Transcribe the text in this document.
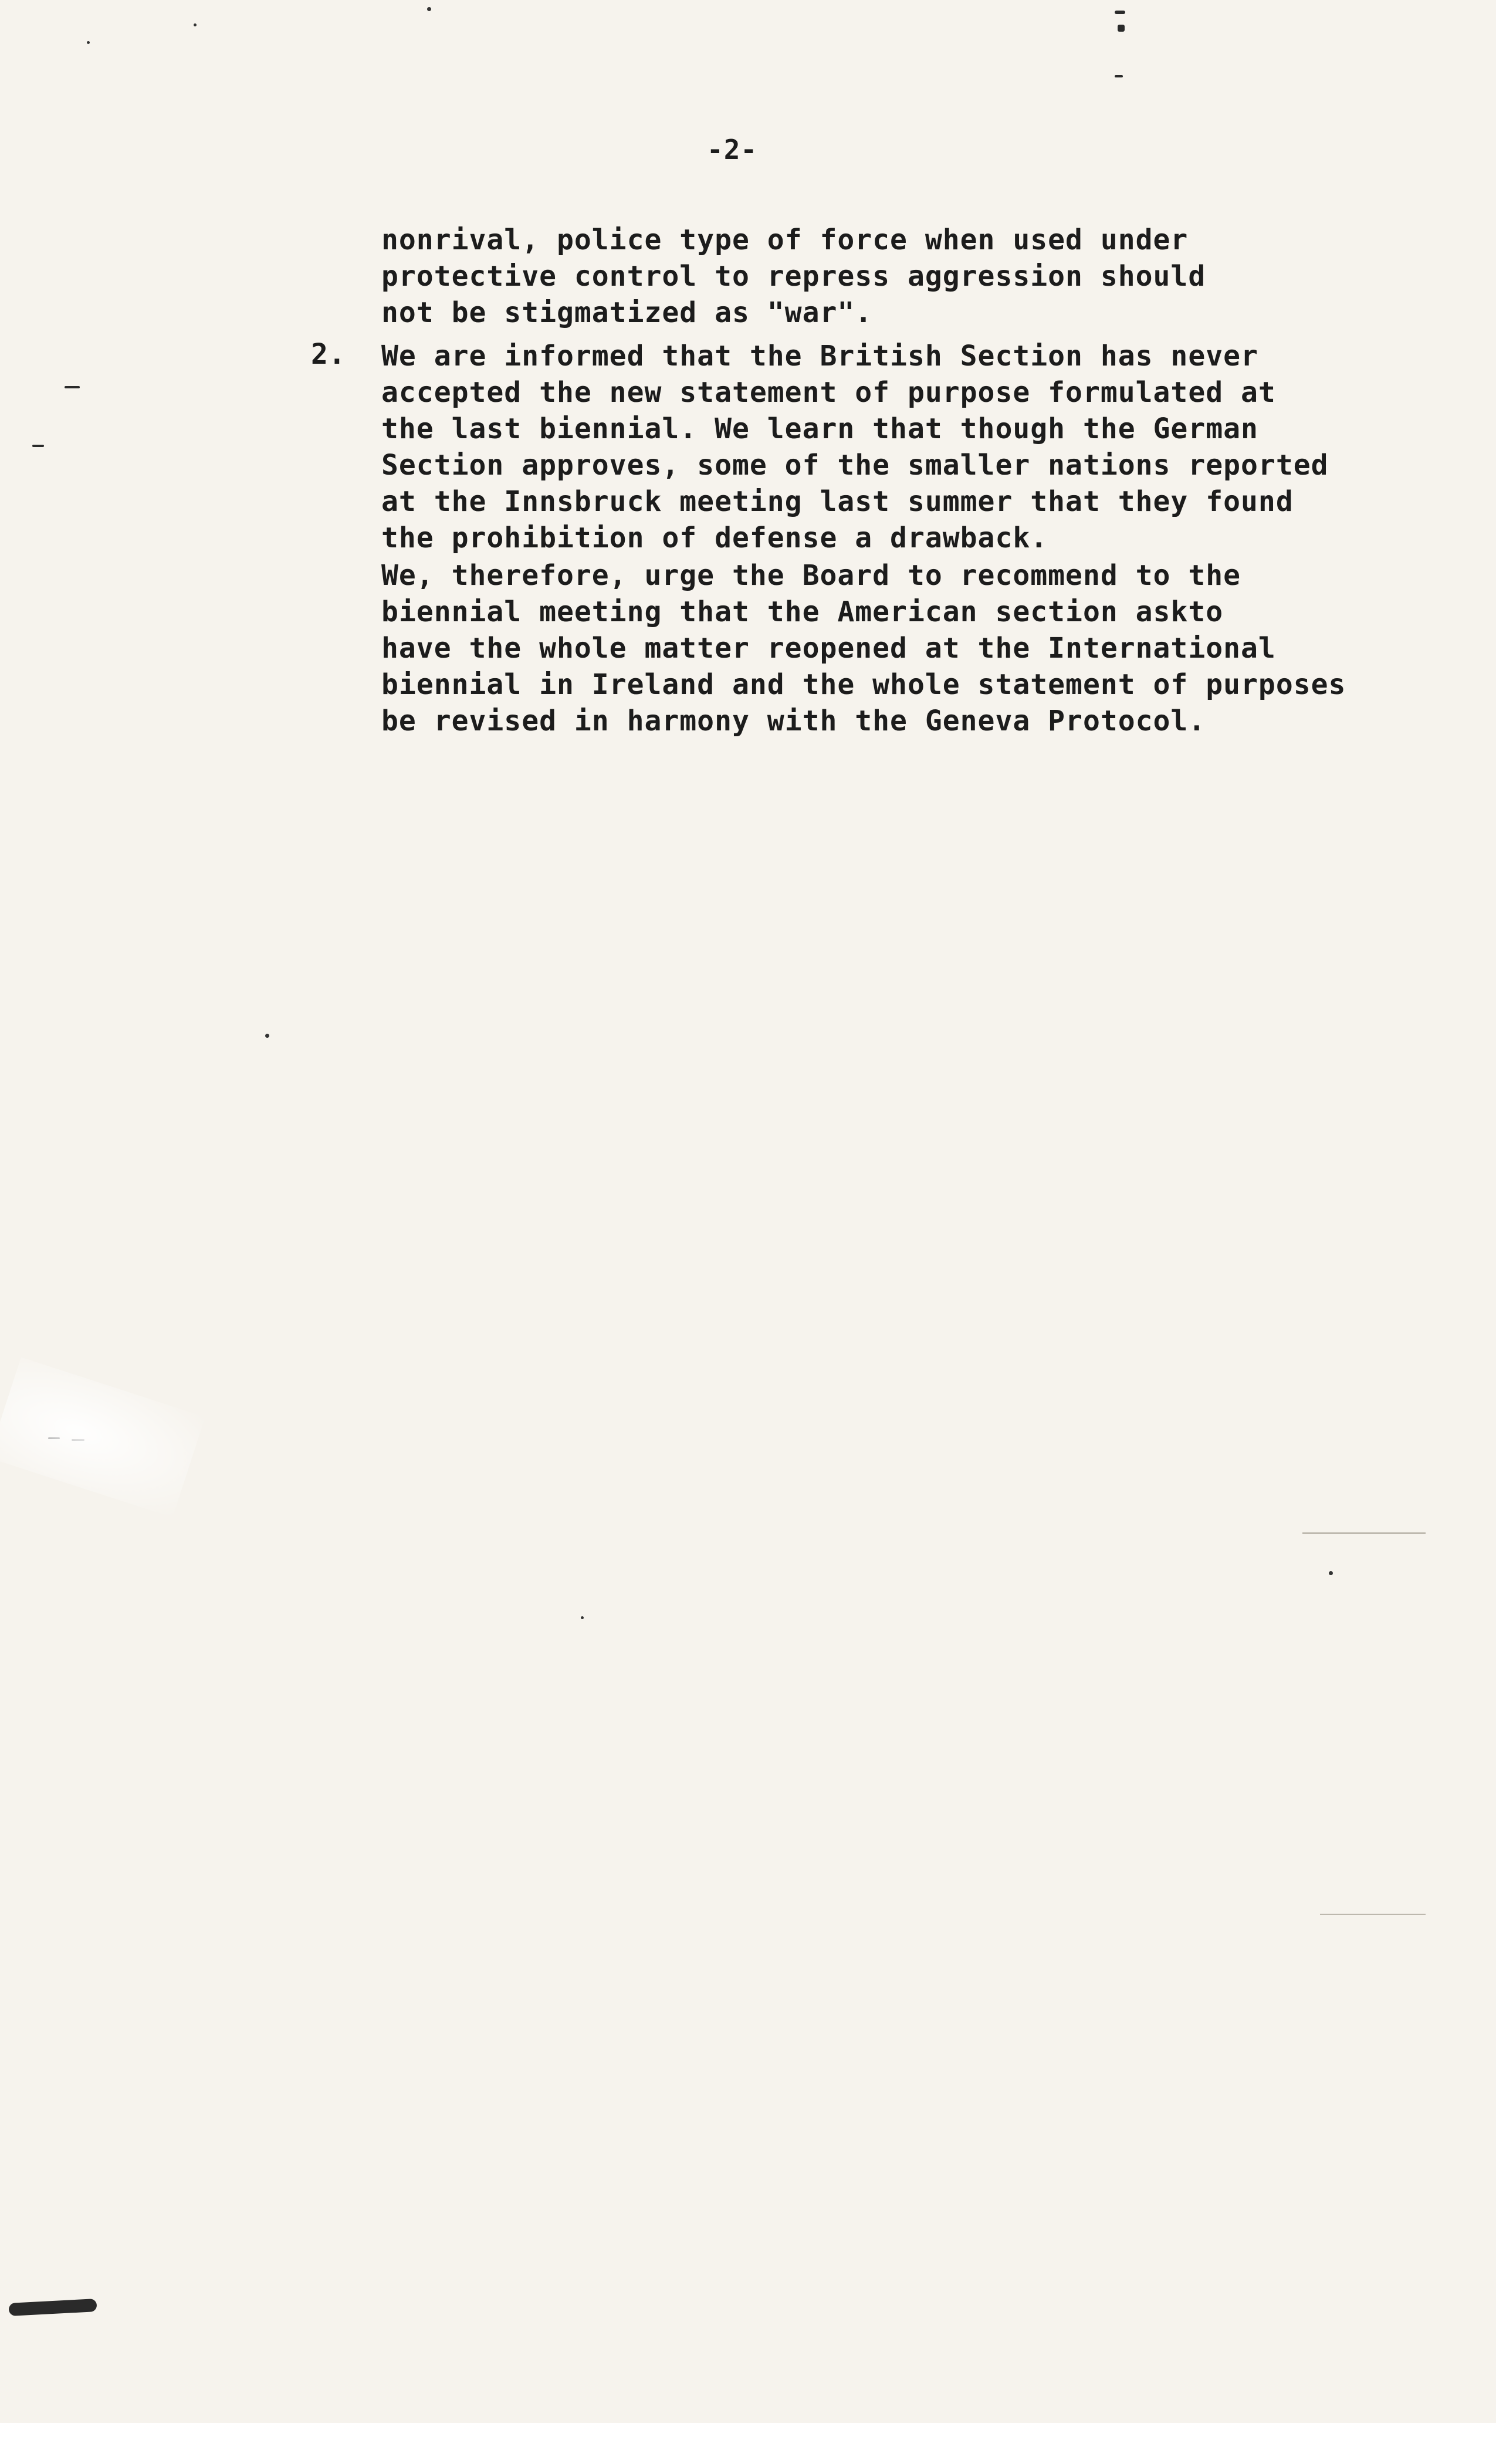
-2-
nonrival, police type of force when used under
protective control to repress aggression should
not be stigmatized as "war".
2. We are informed that the British Section has never
accepted the new statement of purpose formulated at
the last biennial. We learn that though the German
Section approves, some of the smaller nations reported
at the Innsbruck meeting last summer that they found
the prohibition of defense a drawback.
We, therefore, urge the Board to recommend to the
biennial meeting that the American section askto
have the whole matter reopened at the International
biennial in Ireland and the whole statement of purposes
be revised in harmony with the Geneva Protocol.
